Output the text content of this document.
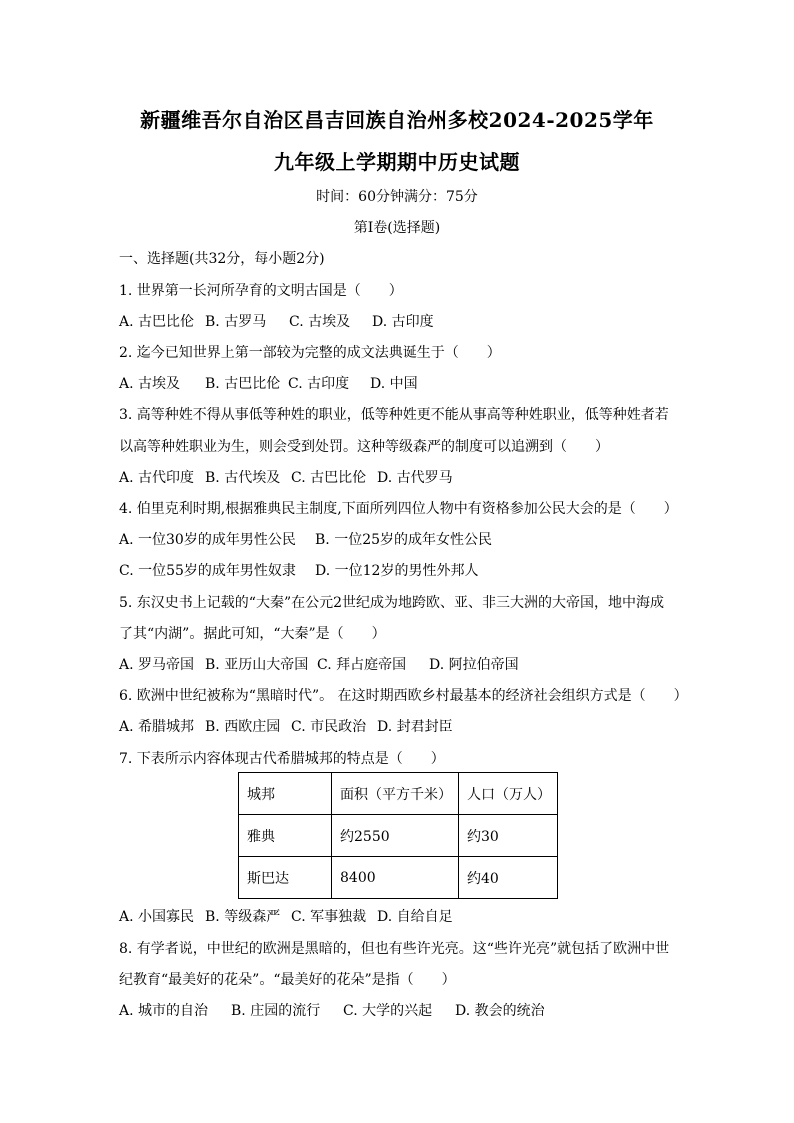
新疆维吾尔自治区昌吉回族自治州多校2024-2025学年
九年级上学期期中历史试题
时间：60分钟满分：75分
第I卷(选择题)
一、选择题(共32分，每小题2分)
1. 世界第一长河所孕育的文明古国是（　　）
A. 古巴比伦 B. 古罗马 C. 古埃及 D. 古印度
2. 迄今已知世界上第一部较为完整的成文法典诞生于（　　）
A. 古埃及 B. 古巴比伦 C. 古印度 D. 中国
3. 高等种姓不得从事低等种姓的职业，低等种姓更不能从事高等种姓职业，低等种姓者若
以高等种姓职业为生，则会受到处罚。这种等级森严的制度可以追溯到（　　）
A. 古代印度 B. 古代埃及 C. 古巴比伦 D. 古代罗马
4. 伯里克利时期,根据雅典民主制度,下面所列四位人物中有资格参加公民大会的是（　　）
A. 一位30岁的成年男性公民 B. 一位25岁的成年女性公民
C. 一位55岁的成年男性奴隶 D. 一位12岁的男性外邦人
5. 东汉史书上记载的“大秦”在公元2世纪成为地跨欧、亚、非三大洲的大帝国，地中海成
了其“内湖”。据此可知，“大秦”是（　　）
A. 罗马帝国 B. 亚历山大帝国 C. 拜占庭帝国 D. 阿拉伯帝国
6. 欧洲中世纪被称为“黑暗时代”。 在这时期西欧乡村最基本的经济社会组织方式是（　　）
A. 希腊城邦 B. 西欧庄园 C. 市民政治 D. 封君封臣
7. 下表所示内容体现古代希腊城邦的特点是（　　）
城邦	面积（平方千米）	人口（万人）
雅典	约2550	约30
斯巴达	8400	约40
A. 小国寡民 B. 等级森严 C. 军事独裁 D. 自给自足
8. 有学者说，中世纪的欧洲是黑暗的，但也有些许光亮。这“些许光亮”就包括了欧洲中世
纪教育“最美好的花朵”。“最美好的花朵”是指（　　）
A. 城市的自治 B. 庄园的流行 C. 大学的兴起 D. 教会的统治
